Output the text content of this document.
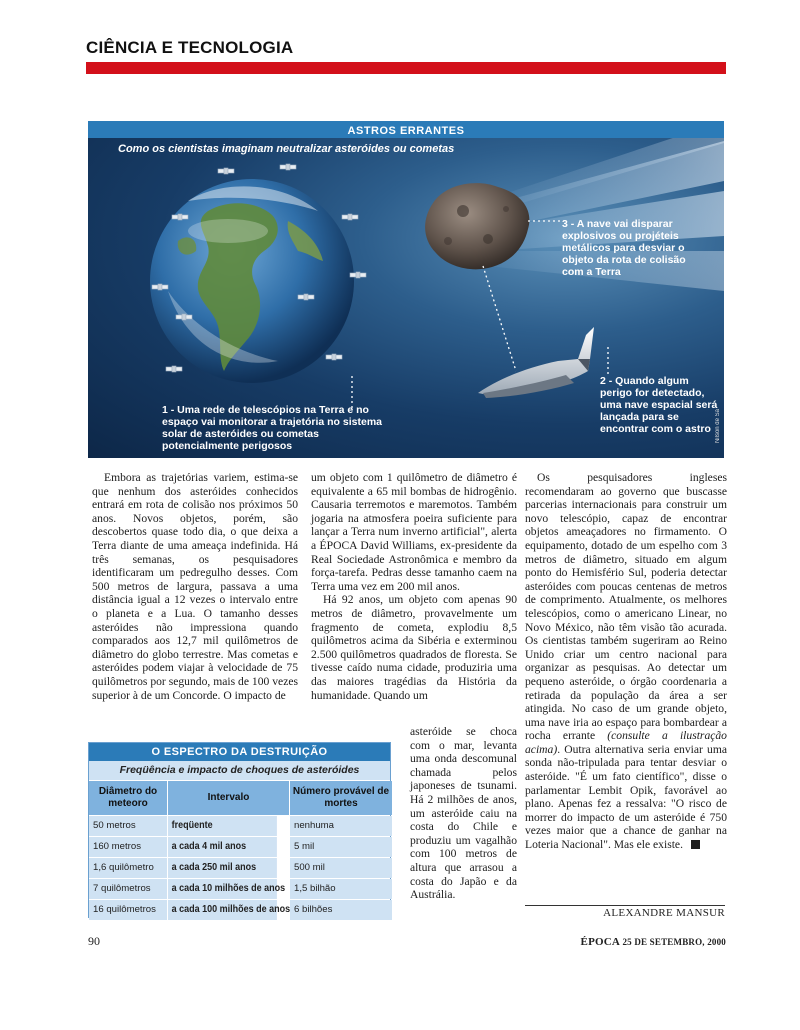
CIÊNCIA E TECNOLOGIA
ASTROS ERRANTES
Como os cientistas imaginam neutralizar asteróides ou cometas
1 - Uma rede de telescópios na Terra e no espaço vai monitorar a trajetória no sistema solar de asteróides ou cometas potencialmente perigosos
2 - Quando algum perigo for detectado, uma nave espacial será lançada para se encontrar com o astro
3 - A nave vai disparar explosivos ou projéteis metálicos para desviar o objeto da rota de colisão com a Terra
Nilson de Sá

Embora as trajetórias variem, estima-se que nenhum dos asteróides conhecidos entrará em rota de colisão nos próximos 50 anos. Novos objetos, porém, são descobertos quase todo dia, o que deixa a Terra diante de uma ameaça indefinida. Há três semanas, os pesquisadores identificaram um pedregulho desses. Com 500 metros de largura, passava a uma distância igual a 12 vezes o intervalo entre o planeta e a Lua. O tamanho desses asteróides não impressiona quando comparados aos 12,7 mil quilômetros de diâmetro do globo terrestre. Mas cometas e asteróides podem viajar à velocidade de 75 quilômetros por segundo, mais de 100 vezes superior à de um Concorde. O impacto de

um objeto com 1 quilômetro de diâmetro é equivalente a 65 mil bombas de hidrogênio. Causaria terremotos e maremotos. Também jogaria na atmosfera poeira suficiente para lançar a Terra num inverno artificial", alerta a ÉPOCA David Williams, ex-presidente da Real Sociedade Astronômica e membro da força-tarefa. Pedras desse tamanho caem na Terra uma vez em 200 mil anos.

Há 92 anos, um objeto com apenas 90 metros de diâmetro, provavelmente um fragmento de cometa, explodiu 8,5 quilômetros acima da Sibéria e exterminou 2.500 quilômetros quadrados de floresta. Se tivesse caído numa cidade, produziria uma das maiores tragédias da História da humanidade. Quando um

asteróide se choca com o mar, levanta uma onda descomunal chamada pelos japoneses de tsunami. Há 2 milhões de anos, um asteróide caiu na costa do Chile e produziu um vagalhão com 100 metros de altura que arrasou a costa do Japão e da Austrália.

Os pesquisadores ingleses recomendaram ao governo que buscasse parcerias internacionais para construir um novo telescópio, capaz de encontrar objetos ameaçadores no firmamento. O equipamento, dotado de um espelho com 3 metros de diâmetro, situado em algum ponto do Hemisfério Sul, poderia detectar asteróides com poucas centenas de metros de comprimento. Atualmente, os melhores telescópios, como o americano Linear, no Novo México, não têm visão tão acurada. Os cientistas também sugeriram ao Reino Unido criar um centro nacional para organizar as pesquisas. Ao detectar um pequeno asteróide, o órgão coordenaria a retirada da população da área a ser atingida. No caso de um grande objeto, uma nave iria ao espaço para bombardear a rocha errante (consulte a ilustração acima). Outra alternativa seria enviar uma sonda não-tripulada para tentar desviar o asteróide. "É um fato científico", disse o parlamentar Lembit Opik, favorável ao plano. Apenas fez a ressalva: "O risco de morrer do impacto de um asteróide é 750 vezes maior que a chance de ganhar na Loteria Nacional". Mas ele existe.

ALEXANDRE MANSUR
O ESPECTRO DA DESTRUIÇÃO
Freqüência e impacto de choques de asteróides
Diâmetro do meteoro
Intervalo
Número provável de mortes
50 metros	freqüente	nenhuma
160 metros	a cada 4 mil anos	5 mil
1,6 quilômetro	a cada 250 mil anos	500 mil
7 quilômetros	a cada 10 milhões de anos 1,5 bilhão
16 quilômetros	a cada 100 milhões de anos 6 bilhões
90	ÉPOCA 25 DE SETEMBRO, 2000
